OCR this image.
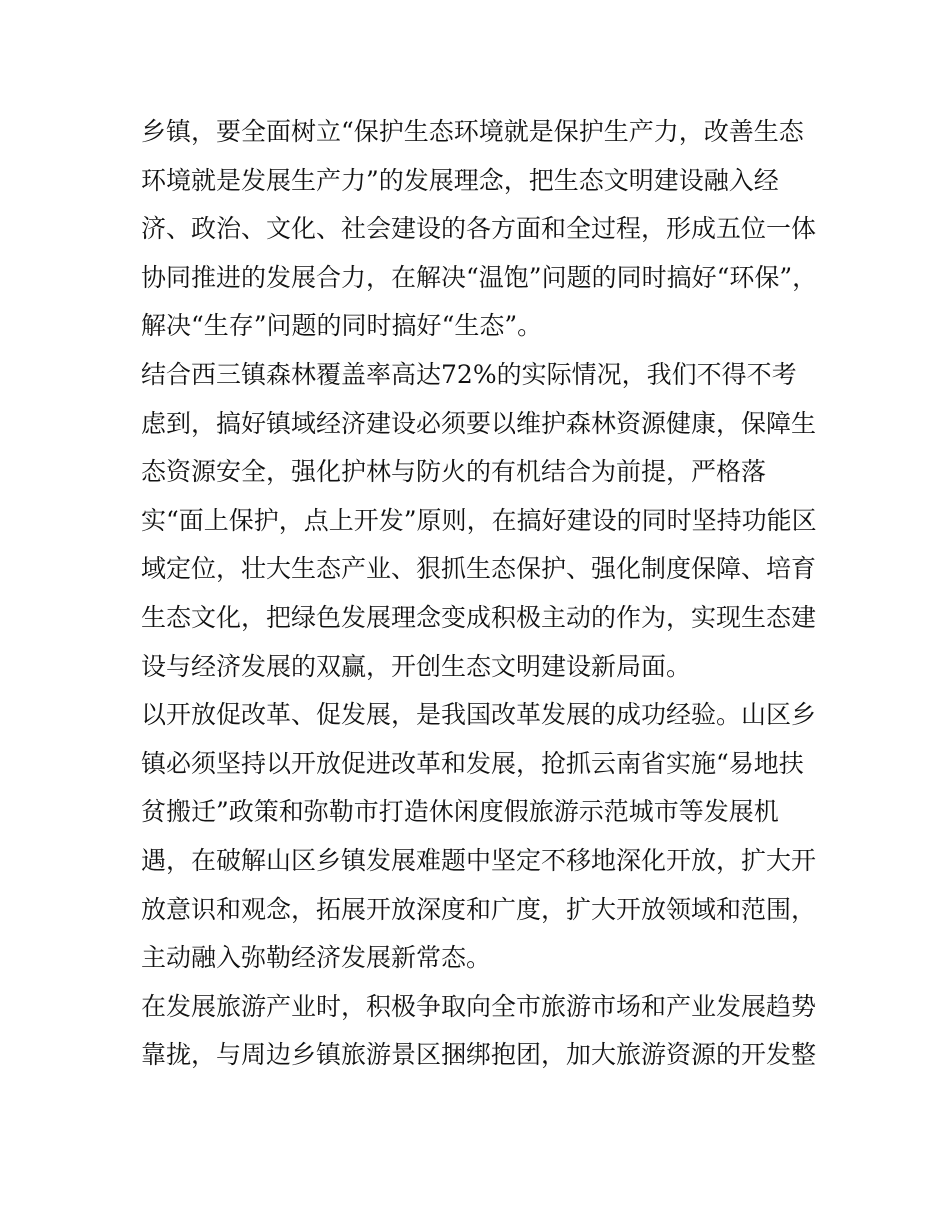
乡镇，要全面树立“保护生态环境就是保护生产力，改善生态
环境就是发展生产力”的发展理念，把生态文明建设融入经
济、政治、文化、社会建设的各方面和全过程，形成五位一体
协同推进的发展合力，在解决“温饱”问题的同时搞好“环保”，
解决“生存”问题的同时搞好“生态”。
结合西三镇森林覆盖率高达72%的实际情况，我们不得不考
虑到，搞好镇域经济建设必须要以维护森林资源健康，保障生
态资源安全，强化护林与防火的有机结合为前提，严格落
实“面上保护，点上开发”原则，在搞好建设的同时坚持功能区
域定位，壮大生态产业、狠抓生态保护、强化制度保障、培育
生态文化，把绿色发展理念变成积极主动的作为，实现生态建
设与经济发展的双赢，开创生态文明建设新局面。
以开放促改革、促发展，是我国改革发展的成功经验。山区乡
镇必须坚持以开放促进改革和发展，抢抓云南省实施“易地扶
贫搬迁”政策和弥勒市打造休闲度假旅游示范城市等发展机
遇，在破解山区乡镇发展难题中坚定不移地深化开放，扩大开
放意识和观念，拓展开放深度和广度，扩大开放领域和范围，
主动融入弥勒经济发展新常态。
在发展旅游产业时，积极争取向全市旅游市场和产业发展趋势
靠拢，与周边乡镇旅游景区捆绑抱团，加大旅游资源的开发整
